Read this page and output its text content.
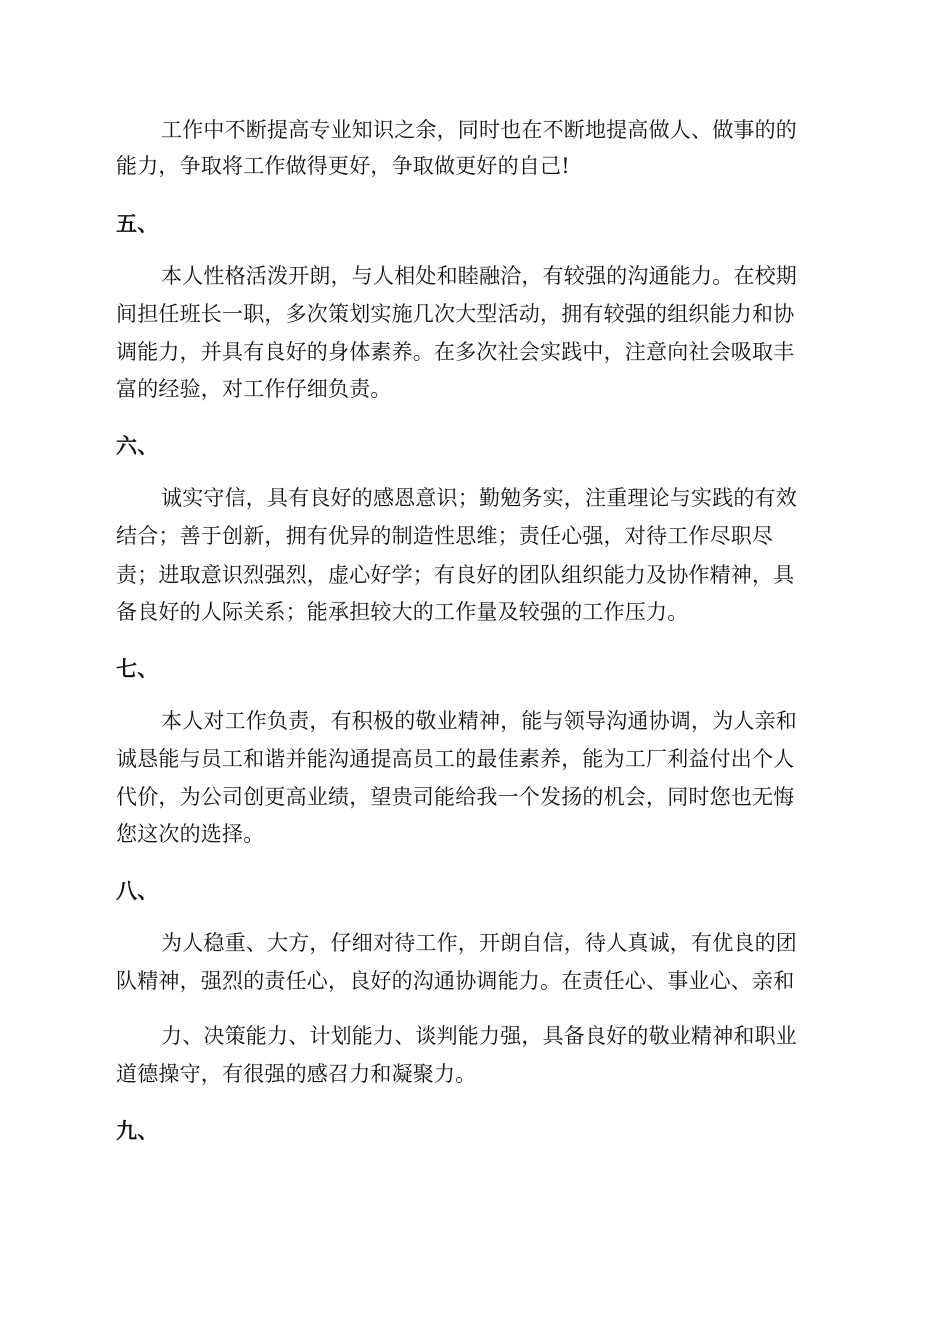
工作中不断提高专业知识之余，同时也在不断地提高做人、做事的的
能力，争取将工作做得更好，争取做更好的自己!
五、
本人性格活泼开朗，与人相处和睦融洽，有较强的沟通能力。在校期
间担任班长一职，多次策划实施几次大型活动，拥有较强的组织能力和协
调能力，并具有良好的身体素养。在多次社会实践中，注意向社会吸取丰
富的经验，对工作仔细负责。
六、
诚实守信，具有良好的感恩意识；勤勉务实，注重理论与实践的有效
结合；善于创新，拥有优异的制造性思维；责任心强，对待工作尽职尽
责；进取意识烈强烈，虚心好学；有良好的团队组织能力及协作精神，具
备良好的人际关系；能承担较大的工作量及较强的工作压力。
七、
本人对工作负责，有积极的敬业精神，能与领导沟通协调，为人亲和
诚恳能与员工和谐并能沟通提高员工的最佳素养，能为工厂利益付出个人
代价，为公司创更高业绩，望贵司能给我一个发扬的机会，同时您也无悔
您这次的选择。
八、
为人稳重、大方，仔细对待工作，开朗自信，待人真诚，有优良的团
队精神，强烈的责任心，良好的沟通协调能力。在责任心、事业心、亲和
力、决策能力、计划能力、谈判能力强，具备良好的敬业精神和职业
道德操守，有很强的感召力和凝聚力。
九、
